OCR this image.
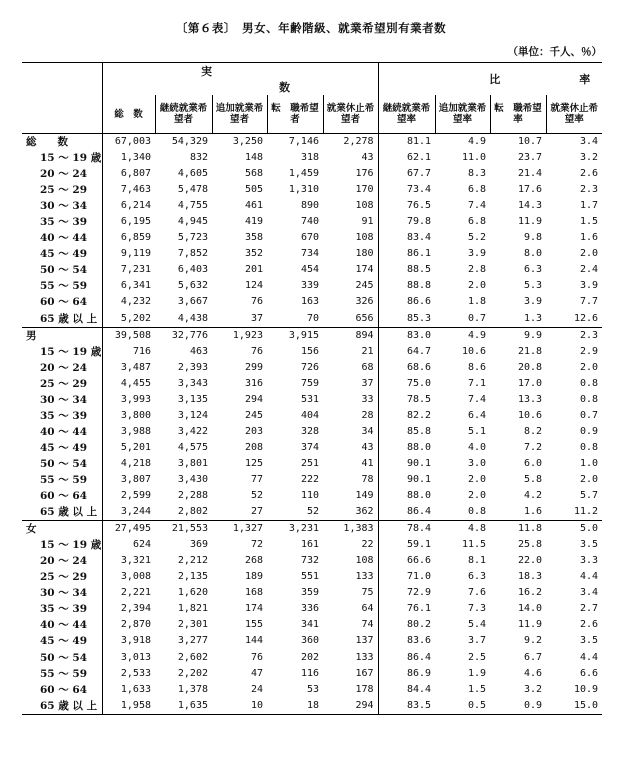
〔第６表〕　男女、年齢階級、就業希望別有業者数
（単位：千人、％）
	実数					比 率			
	総　数	継続就業希望者	追加就業希望者	転　職希望者	就業休止希望者	継続就業希望率	追加就業希望率	転　職希望率	就業休止希望率
総　　数	67,003	54,329	3,250	7,146	2,278	81.1	4.9	10.7	3.4
15 ～ 19 歳	1,340	832	148	318	43	62.1	11.0	23.7	3.2
20 ～ 24	6,807	4,605	568	1,459	176	67.7	8.3	21.4	2.6
25 ～ 29	7,463	5,478	505	1,310	170	73.4	6.8	17.6	2.3
30 ～ 34	6,214	4,755	461	890	108	76.5	7.4	14.3	1.7
35 ～ 39	6,195	4,945	419	740	91	79.8	6.8	11.9	1.5
40 ～ 44	6,859	5,723	358	670	108	83.4	5.2	9.8	1.6
45 ～ 49	9,119	7,852	352	734	180	86.1	3.9	8.0	2.0
50 ～ 54	7,231	6,403	201	454	174	88.5	2.8	6.3	2.4
55 ～ 59	6,341	5,632	124	339	245	88.8	2.0	5.3	3.9
60 ～ 64	4,232	3,667	76	163	326	86.6	1.8	3.9	7.7
65 歳 以 上	5,202	4,438	37	70	656	85.3	0.7	1.3	12.6
男	39,508	32,776	1,923	3,915	894	83.0	4.9	9.9	2.3
15 ～ 19 歳	716	463	76	156	21	64.7	10.6	21.8	2.9
20 ～ 24	3,487	2,393	299	726	68	68.6	8.6	20.8	2.0
25 ～ 29	4,455	3,343	316	759	37	75.0	7.1	17.0	0.8
30 ～ 34	3,993	3,135	294	531	33	78.5	7.4	13.3	0.8
35 ～ 39	3,800	3,124	245	404	28	82.2	6.4	10.6	0.7
40 ～ 44	3,988	3,422	203	328	34	85.8	5.1	8.2	0.9
45 ～ 49	5,201	4,575	208	374	43	88.0	4.0	7.2	0.8
50 ～ 54	4,218	3,801	125	251	41	90.1	3.0	6.0	1.0
55 ～ 59	3,807	3,430	77	222	78	90.1	2.0	5.8	2.0
60 ～ 64	2,599	2,288	52	110	149	88.0	2.0	4.2	5.7
65 歳 以 上	3,244	2,802	27	52	362	86.4	0.8	1.6	11.2
女	27,495	21,553	1,327	3,231	1,383	78.4	4.8	11.8	5.0
15 ～ 19 歳	624	369	72	161	22	59.1	11.5	25.8	3.5
20 ～ 24	3,321	2,212	268	732	108	66.6	8.1	22.0	3.3
25 ～ 29	3,008	2,135	189	551	133	71.0	6.3	18.3	4.4
30 ～ 34	2,221	1,620	168	359	75	72.9	7.6	16.2	3.4
35 ～ 39	2,394	1,821	174	336	64	76.1	7.3	14.0	2.7
40 ～ 44	2,870	2,301	155	341	74	80.2	5.4	11.9	2.6
45 ～ 49	3,918	3,277	144	360	137	83.6	3.7	9.2	3.5
50 ～ 54	3,013	2,602	76	202	133	86.4	2.5	6.7	4.4
55 ～ 59	2,533	2,202	47	116	167	86.9	1.9	4.6	6.6
60 ～ 64	1,633	1,378	24	53	178	84.4	1.5	3.2	10.9
65 歳 以 上	1,958	1,635	10	18	294	83.5	0.5	0.9	15.0
